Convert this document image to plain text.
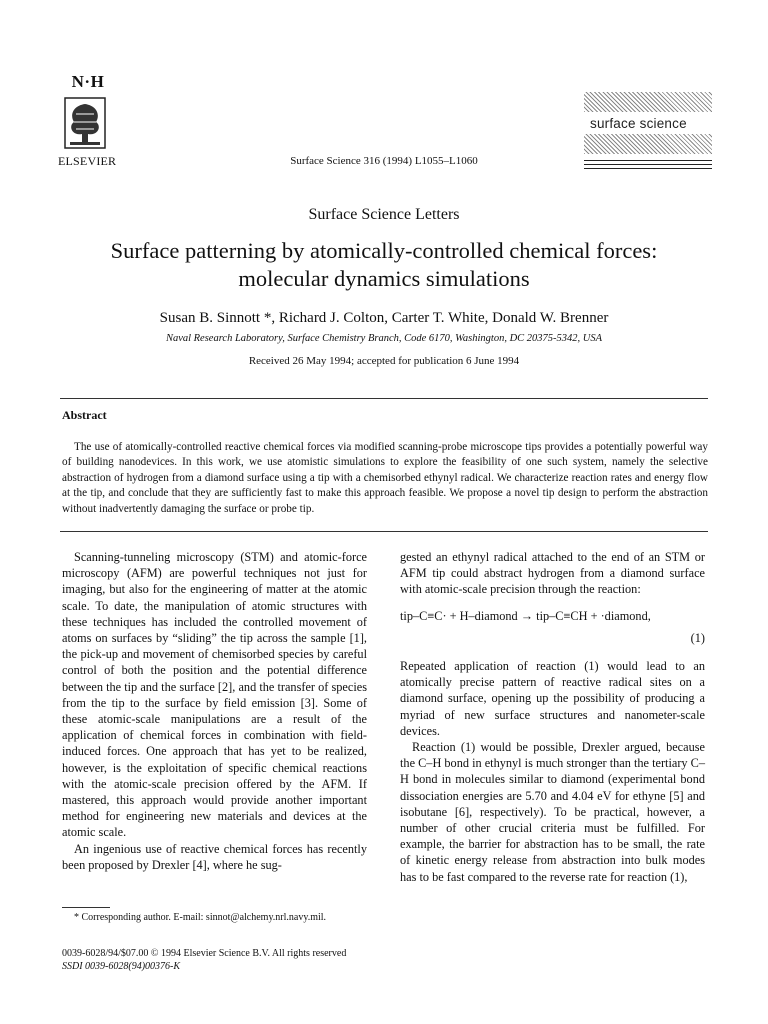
N·H
ELSEVIER	Surface Science 316 (1994) L1055–L1060
surface science
Surface Science Letters
Surface patterning by atomically-controlled chemical forces:
molecular dynamics simulations
Susan B. Sinnott *, Richard J. Colton, Carter T. White, Donald W. Brenner
Naval Research Laboratory, Surface Chemistry Branch, Code 6170, Washington, DC 20375-5342, USA
Received 26 May 1994; accepted for publication 6 June 1994
Abstract
The use of atomically-controlled reactive chemical forces via modified scanning-probe microscope tips provides a potentially powerful way of building nanodevices. In this work, we use atomistic simulations to explore the feasibility of one such system, namely the selective abstraction of hydrogen from a diamond surface using a tip with a chemisorbed ethynyl radical. We characterize reaction rates and energy flow at the tip, and conclude that they are sufficiently fast to make this approach feasible. We propose a novel tip design to perform the abstraction without inadvertently damaging the surface or probe tip.

Scanning-tunneling microscopy (STM) and atomic-force microscopy (AFM) are powerful techniques not just for imaging, but also for the engineering of matter at the atomic scale. To date, the manipulation of atomic structures with these techniques has included the controlled movement of atoms on surfaces by “sliding” the tip across the sample [1], the pick-up and movement of chemisorbed species by careful control of both the position and the potential difference between the tip and the surface [2], and the transfer of species from the tip to the surface by field emission [3]. Some of these atomic-scale manipulations are a result of the application of chemical forces in combination with field-induced forces. One approach that has yet to be realized, however, is the exploitation of specific chemical reactions with the atomic-scale precision offered by the AFM. If mastered, this approach would provide another important method for engineering new materials and devices at the atomic scale.

An ingenious use of reactive chemical forces has recently been proposed by Drexler [4], where he sug-

gested an ethynyl radical attached to the end of an STM or AFM tip could abstract hydrogen from a diamond surface with atomic-scale precision through the reaction:

tip–C≡C· + H–diamond → tip–C≡CH + ·diamond,
(1)

Repeated application of reaction (1) would lead to an atomically precise pattern of reactive radical sites on a diamond surface, opening up the possibility of producing a myriad of new surface structures and nanometer-scale devices.

Reaction (1) would be possible, Drexler argued, because the C–H bond in ethynyl is much stronger than the tertiary C–H bond in molecules similar to diamond (experimental bond dissociation energies are 5.70 and 4.04 eV for ethyne [5] and isobutane [6], respectively). To be practical, however, a number of other crucial criteria must be fulfilled. For example, the barrier for abstraction has to be small, the rate of kinetic energy release from abstraction into bulk modes has to be fast compared to the reverse rate for reaction (1),

* Corresponding author. E-mail: sinnot@alchemy.nrl.navy.mil.
0039-6028/94/$07.00 © 1994 Elsevier Science B.V. All rights reserved
SSDI 0039-6028(94)00376-K
